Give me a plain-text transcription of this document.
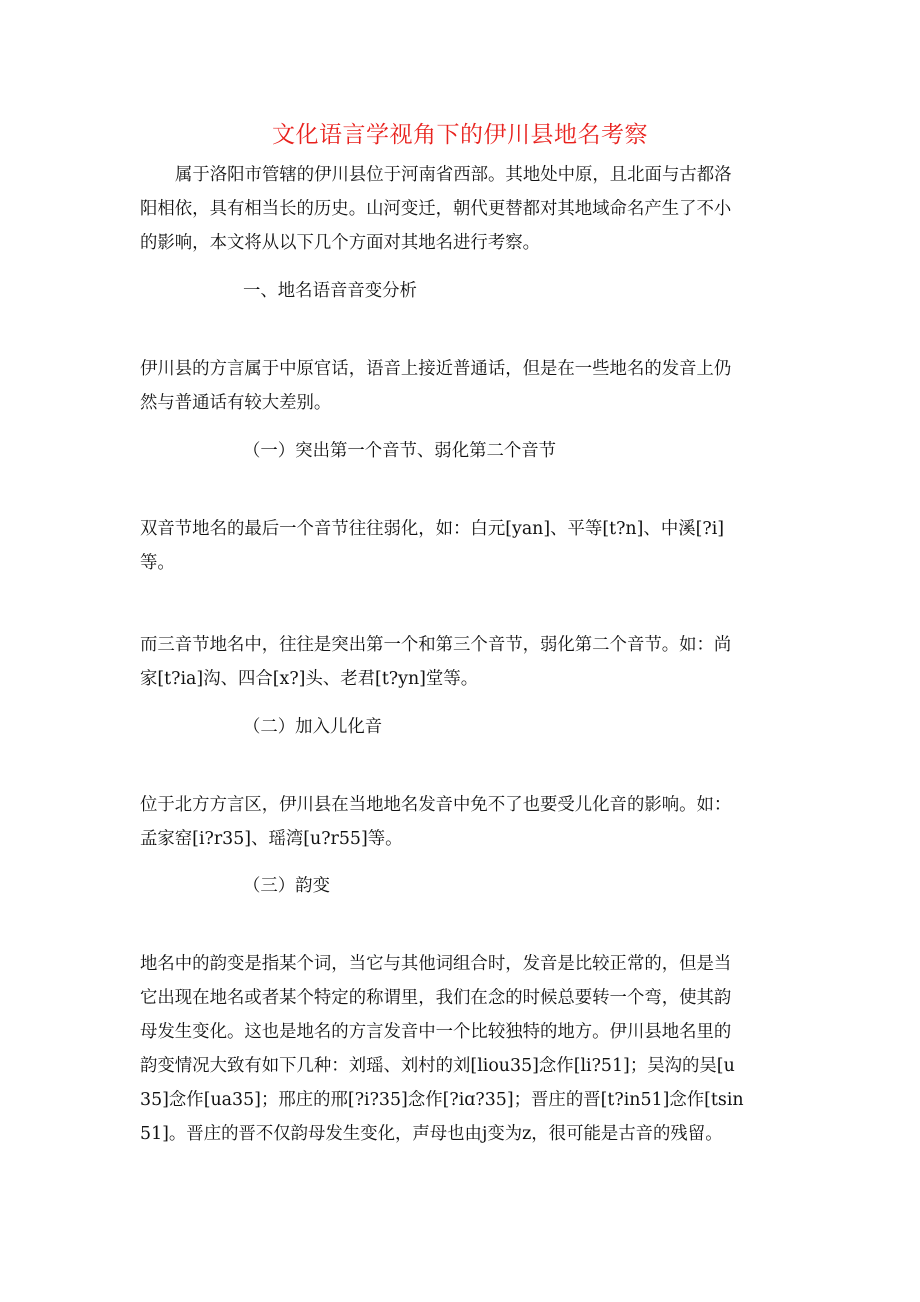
文化语言学视角下的伊川县地名考察
属于洛阳市管辖的伊川县位于河南省西部。其地处中原，且北面与古都洛
阳相依，具有相当长的历史。山河变迁，朝代更替都对其地域命名产生了不小
的影响，本文将从以下几个方面对其地名进行考察。
一、地名语音音变分析
伊川县的方言属于中原官话，语音上接近普通话，但是在一些地名的发音上仍
然与普通话有较大差别。
（一）突出第一个音节、弱化第二个音节
双音节地名的最后一个音节往往弱化，如：白元[yan]、平等[t?n]、中溪[?i]
等。
而三音节地名中，往往是突出第一个和第三个音节，弱化第二个音节。如：尚
家[t?ia]沟、四合[x?]头、老君[t?yn]堂等。
（二）加入儿化音
位于北方方言区，伊川县在当地地名发音中免不了也要受儿化音的影响。如：
孟家窑[i?r35]、瑶湾[u?r55]等。
（三）韵变
地名中的韵变是指某个词，当它与其他词组合时，发音是比较正常的，但是当
它出现在地名或者某个特定的称谓里，我们在念的时候总要转一个弯，使其韵
母发生变化。这也是地名的方言发音中一个比较独特的地方。伊川县地名里的
韵变情况大致有如下几种：刘瑶、刘村的刘[liou35]念作[li?51]；吴沟的吴[u
35]念作[ua35]；邢庄的邢[?i?35]念作[?iɑ?35]；晋庄的晋[t?in51]念作[tsin
51]。晋庄的晋不仅韵母发生变化，声母也由j变为z，很可能是古音的残留。
